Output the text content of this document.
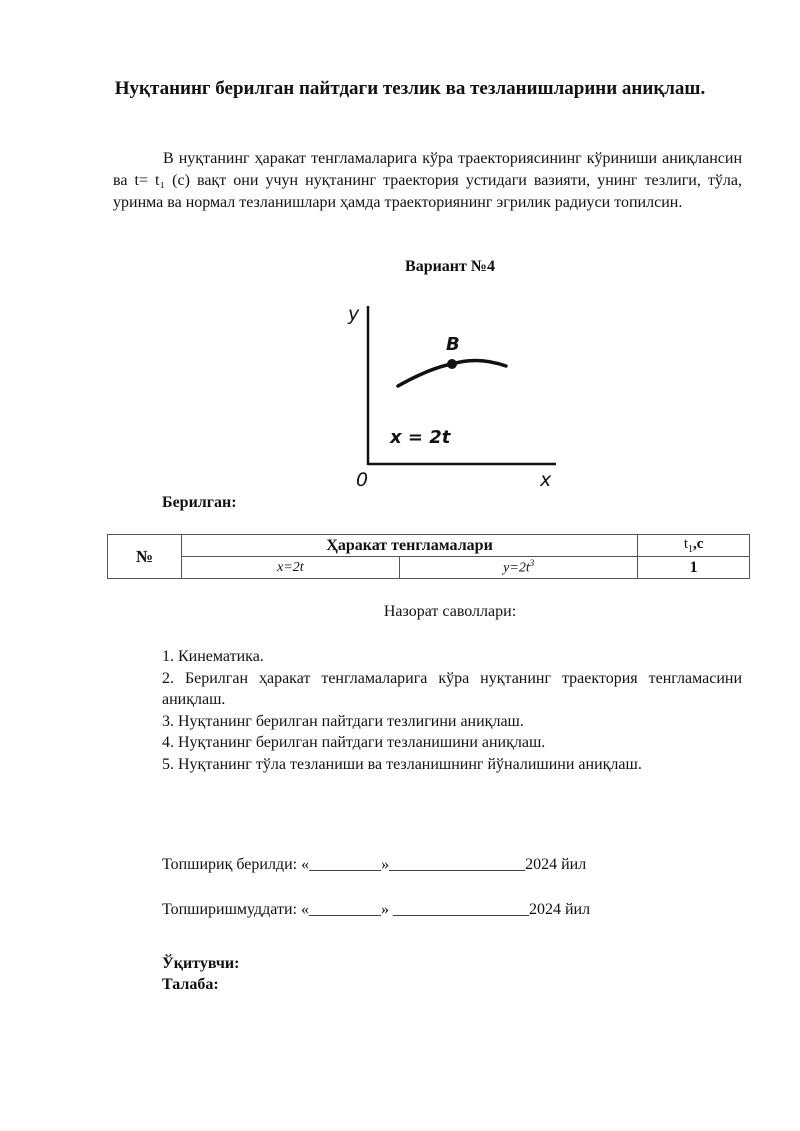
Нуқтанинг берилган пайтдаги тезлик ва тезланишларини аниқлаш.

В нуқтанинг ҳаракат тенгламаларига кўра траекториясининг кўриниши аниқлансин ва t= t₁ (с) вақт они учун нуқтанинг траектория устидаги вазияти, унинг тезлиги, тўла, уринма ва нормал тезланишлари ҳамда траекториянинг эгрилик радиуси топилсин.

Вариант №4
y
x
0
B
x = 2t
Берилган:
№	Ҳаракат тенгламалари		$t_1,с$
	x=2t	$y=2t^3$	1
Назорат саволлари:
1. Кинематика.
2. Берилган ҳаракат тенгламаларига кўра нуқтанинг траектория тенгламасини аниқлаш.
3. Нуқтанинг берилган пайтдаги тезлигини аниқлаш.
4. Нуқтанинг берилган пайтдаги тезланишини аниқлаш.
5. Нуқтанинг тўла тезланиши ва тезланишнинг йўналишини аниқлаш.
Топшириқ берилди: «_________»_________________2024 йил
Топширишмуддати: «_________» _________________2024 йил
Ўқитувчи:
Талаба:
